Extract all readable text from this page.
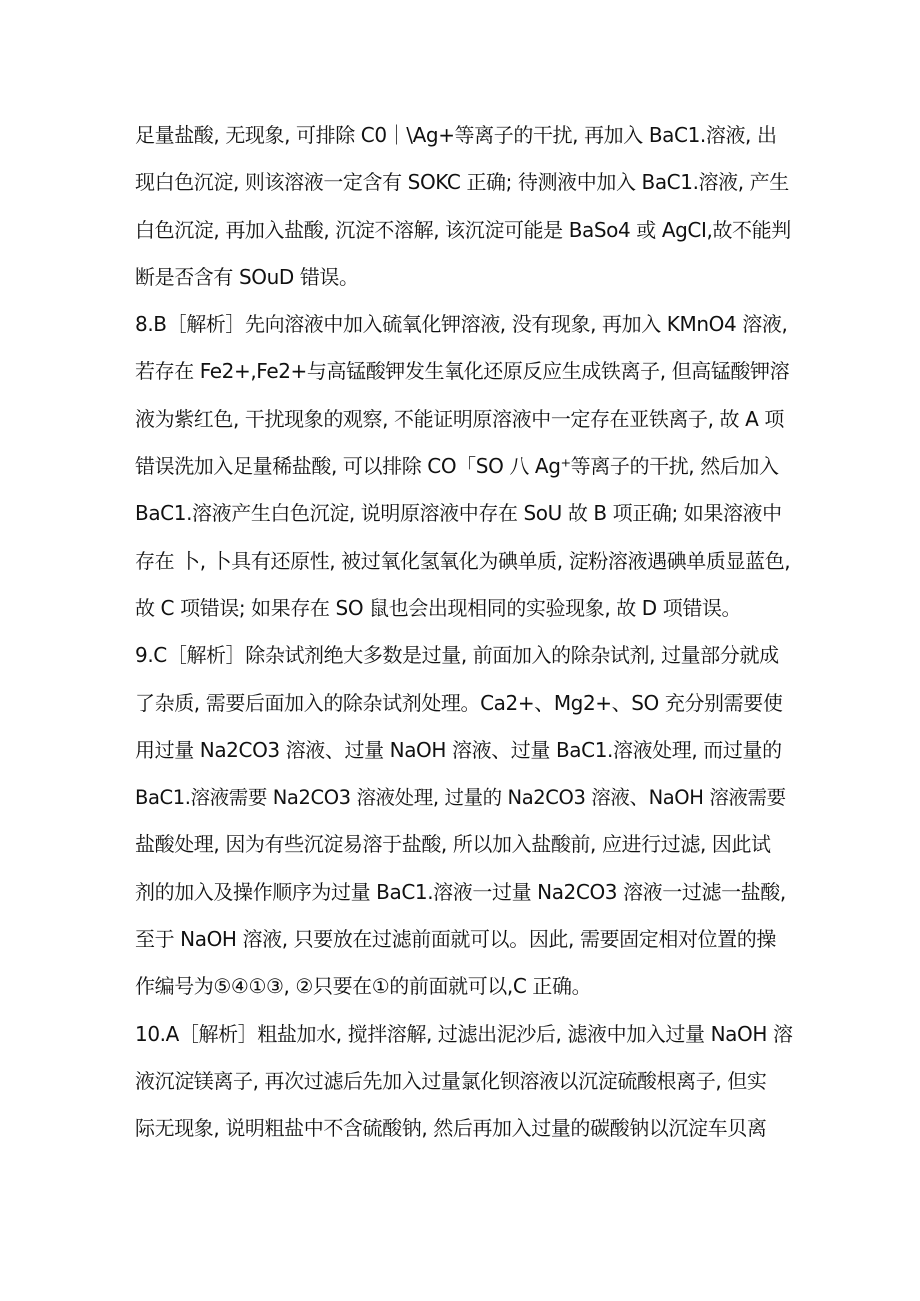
足量盐酸, 无现象, 可排除 C0｜\Ag+等离子的干扰, 再加入 BaC1.溶液, 出
现白色沉淀, 则该溶液一定含有 SOKC 正确; 待测液中加入 BaC1.溶液, 产生
白色沉淀, 再加入盐酸, 沉淀不溶解, 该沉淀可能是 BaSo4 或 AgCI,故不能判
断是否含有 SOuD 错误。
8.B［解析］先向溶液中加入硫氧化钾溶液, 没有现象, 再加入 KMnO4 溶液,
若存在 Fe2+,Fe2+与高锰酸钾发生氧化还原反应生成铁离子, 但高锰酸钾溶
液为紫红色, 干扰现象的观察, 不能证明原溶液中一定存在亚铁离子, 故 A 项
错误洗加入足量稀盐酸, 可以排除 CO「SO 八 Ag⁺等离子的干扰, 然后加入
BaC1.溶液产生白色沉淀, 说明原溶液中存在 SoU 故 B 项正确; 如果溶液中
存在 卜, 卜具有还原性, 被过氧化氢氧化为碘单质, 淀粉溶液遇碘单质显蓝色,
故 C 项错误; 如果存在 SO 鼠也会出现相同的实验现象, 故 D 项错误。
9.C［解析］除杂试剂绝大多数是过量, 前面加入的除杂试剂, 过量部分就成
了杂质, 需要后面加入的除杂试剂处理。Ca2+、Mg2+、SO 充分别需要使
用过量 Na2CO3 溶液、过量 NaOH 溶液、过量 BaC1.溶液处理, 而过量的
BaC1.溶液需要 Na2CO3 溶液处理, 过量的 Na2CO3 溶液、NaOH 溶液需要
盐酸处理, 因为有些沉淀易溶于盐酸, 所以加入盐酸前, 应进行过滤, 因此试
剂的加入及操作顺序为过量 BaC1.溶液一过量 Na2CO3 溶液一过滤一盐酸,
至于 NaOH 溶液, 只要放在过滤前面就可以。因此, 需要固定相对位置的操
作编号为⑤④①③, ②只要在①的前面就可以,C 正确。
10.A［解析］粗盐加水, 搅拌溶解, 过滤出泥沙后, 滤液中加入过量 NaOH 溶
液沉淀镁离子, 再次过滤后先加入过量氯化钡溶液以沉淀硫酸根离子, 但实
际无现象, 说明粗盐中不含硫酸钠, 然后再加入过量的碳酸钠以沉淀车贝离
